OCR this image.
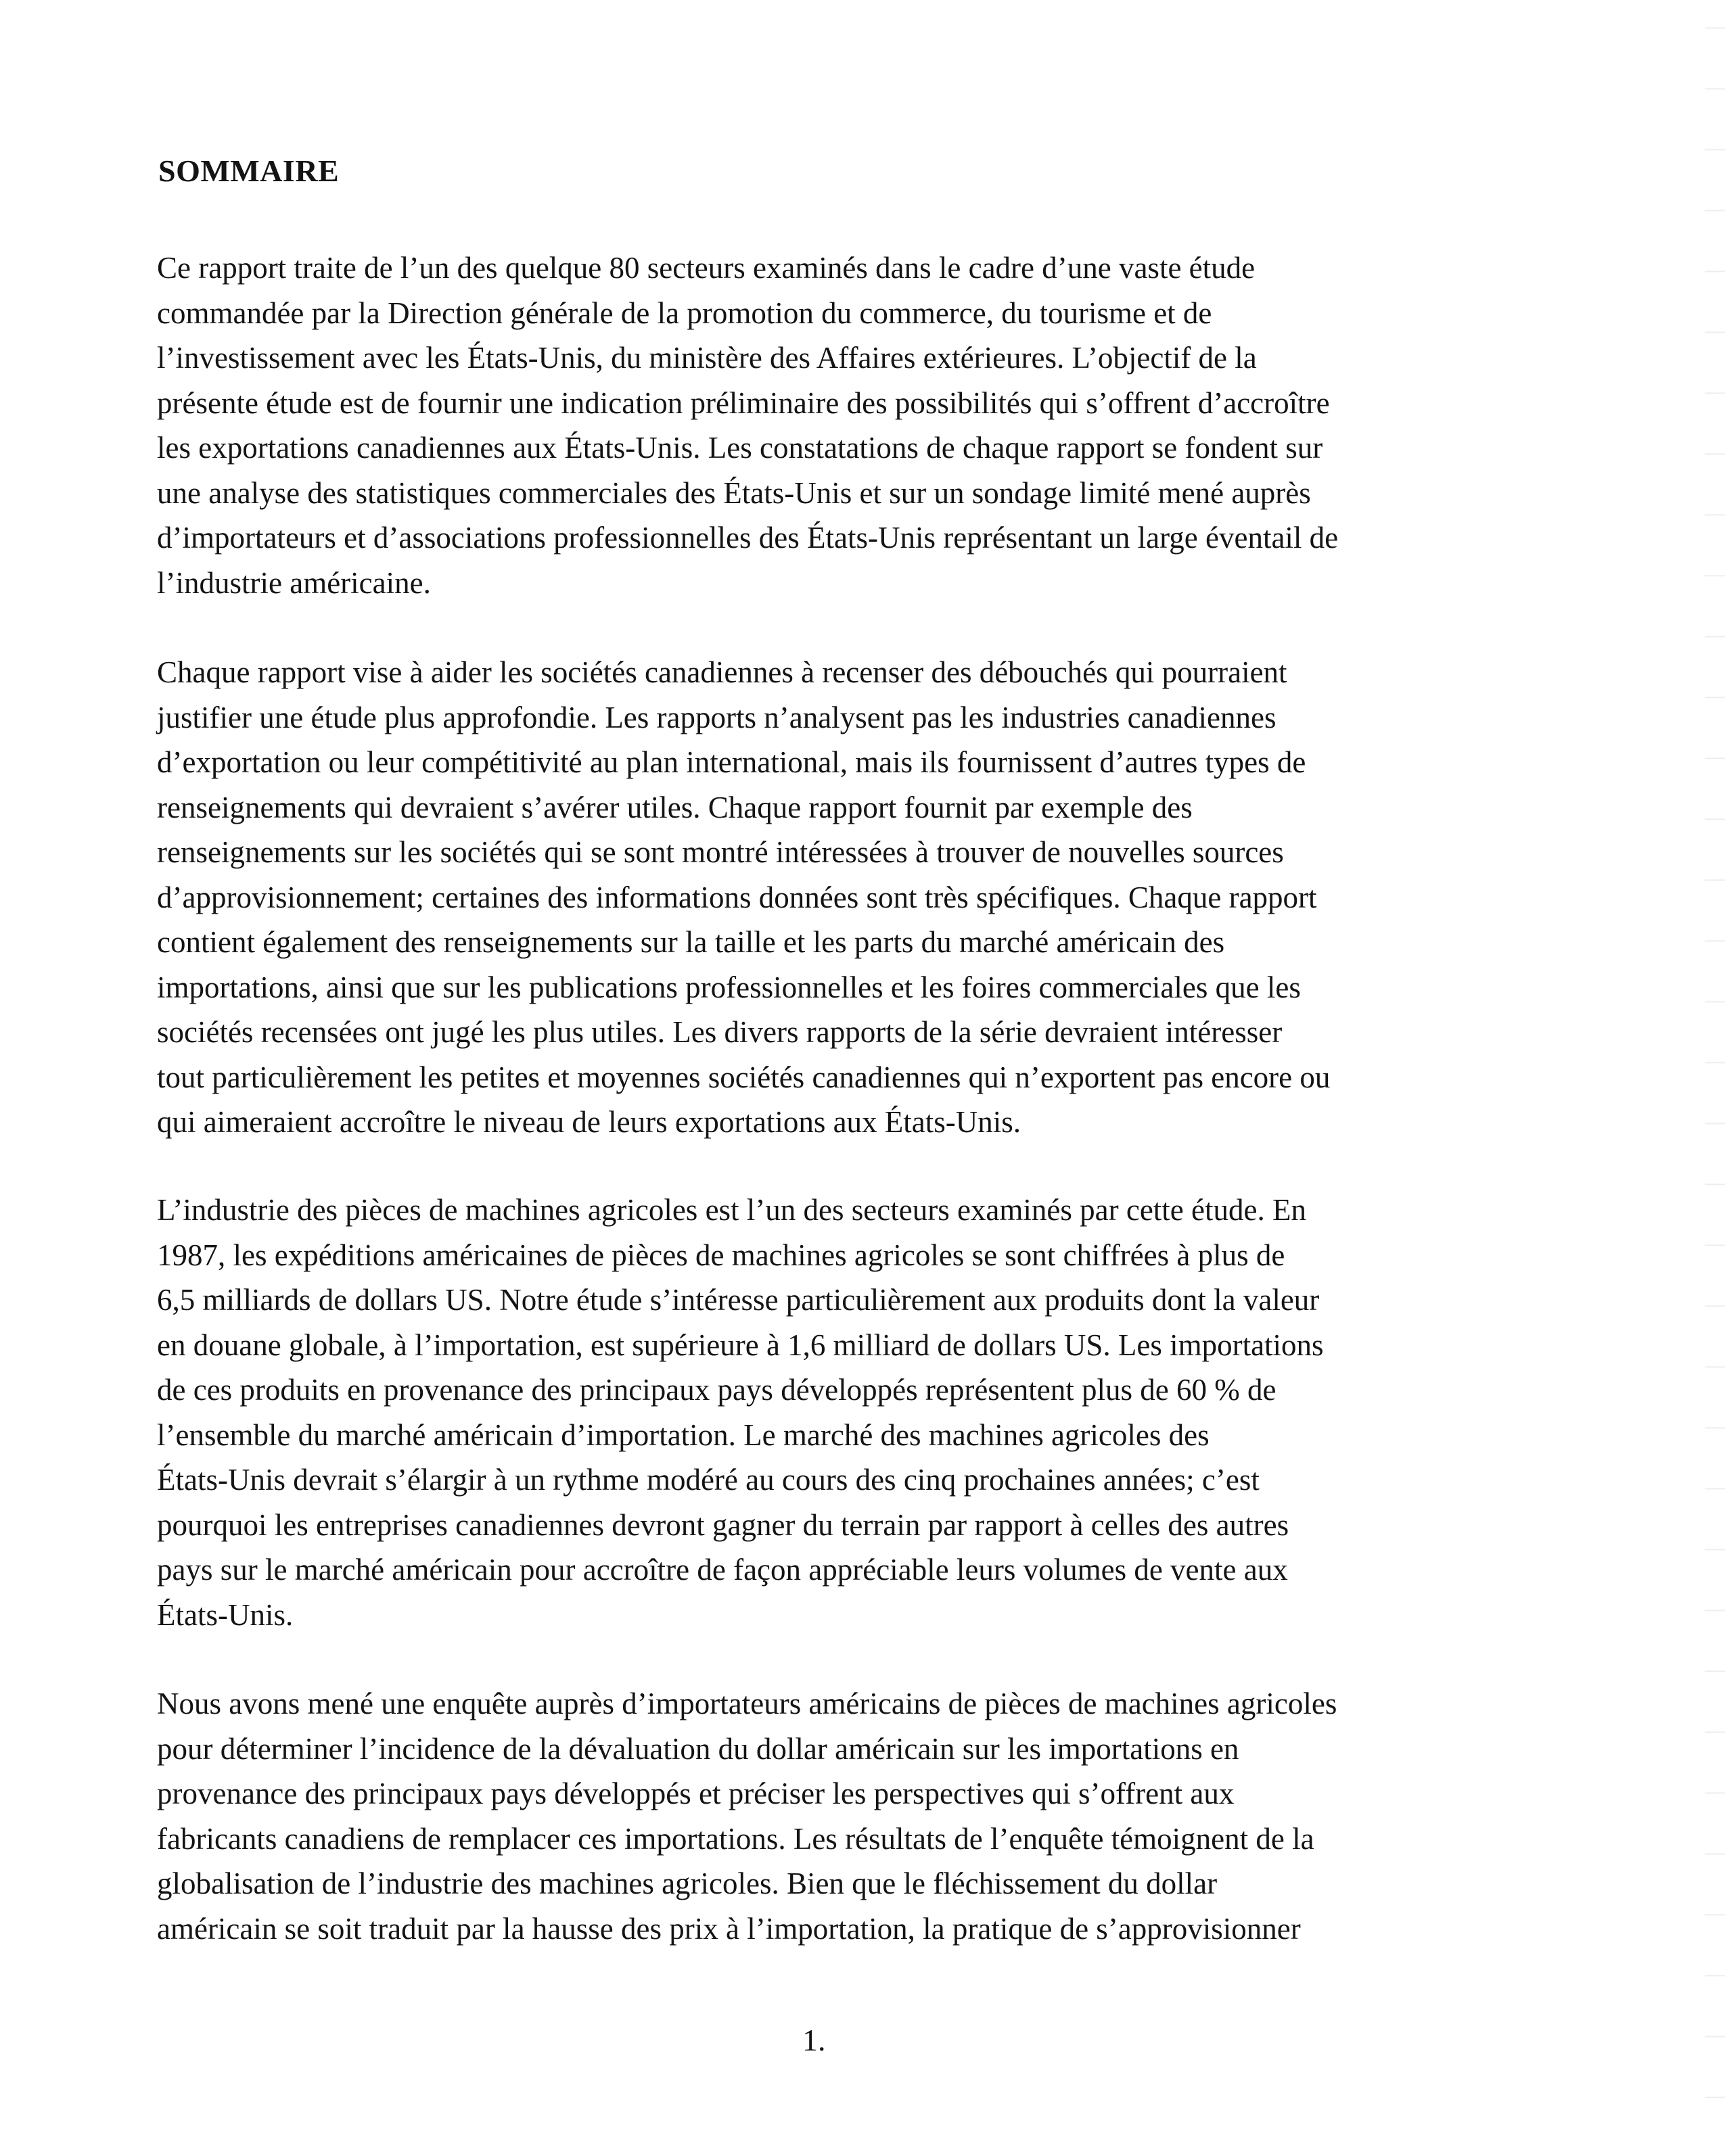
SOMMAIRE

Ce rapport traite de l’un des quelque 80 secteurs examinés dans le cadre d’une vaste étude
commandée par la Direction générale de la promotion du commerce, du tourisme et de
l’investissement avec les États-Unis, du ministère des Affaires extérieures. L’objectif de la
présente étude est de fournir une indication préliminaire des possibilités qui s’offrent d’accroître
les exportations canadiennes aux États-Unis. Les constatations de chaque rapport se fondent sur
une analyse des statistiques commerciales des États-Unis et sur un sondage limité mené auprès
d’importateurs et d’associations professionnelles des États-Unis représentant un large éventail de
l’industrie américaine.

Chaque rapport vise à aider les sociétés canadiennes à recenser des débouchés qui pourraient
justifier une étude plus approfondie. Les rapports n’analysent pas les industries canadiennes
d’exportation ou leur compétitivité au plan international, mais ils fournissent d’autres types de
renseignements qui devraient s’avérer utiles. Chaque rapport fournit par exemple des
renseignements sur les sociétés qui se sont montré intéressées à trouver de nouvelles sources
d’approvisionnement; certaines des informations données sont très spécifiques. Chaque rapport
contient également des renseignements sur la taille et les parts du marché américain des
importations, ainsi que sur les publications professionnelles et les foires commerciales que les
sociétés recensées ont jugé les plus utiles. Les divers rapports de la série devraient intéresser
tout particulièrement les petites et moyennes sociétés canadiennes qui n’exportent pas encore ou
qui aimeraient accroître le niveau de leurs exportations aux États-Unis.

L’industrie des pièces de machines agricoles est l’un des secteurs examinés par cette étude. En
1987, les expéditions américaines de pièces de machines agricoles se sont chiffrées à plus de
6,5 milliards de dollars US. Notre étude s’intéresse particulièrement aux produits dont la valeur
en douane globale, à l’importation, est supérieure à 1,6 milliard de dollars US. Les importations
de ces produits en provenance des principaux pays développés représentent plus de 60 % de
l’ensemble du marché américain d’importation. Le marché des machines agricoles des
États-Unis devrait s’élargir à un rythme modéré au cours des cinq prochaines années; c’est
pourquoi les entreprises canadiennes devront gagner du terrain par rapport à celles des autres
pays sur le marché américain pour accroître de façon appréciable leurs volumes de vente aux
États-Unis.

Nous avons mené une enquête auprès d’importateurs américains de pièces de machines agricoles
pour déterminer l’incidence de la dévaluation du dollar américain sur les importations en
provenance des principaux pays développés et préciser les perspectives qui s’offrent aux
fabricants canadiens de remplacer ces importations. Les résultats de l’enquête témoignent de la
globalisation de l’industrie des machines agricoles. Bien que le fléchissement du dollar
américain se soit traduit par la hausse des prix à l’importation, la pratique de s’approvisionner

1.
